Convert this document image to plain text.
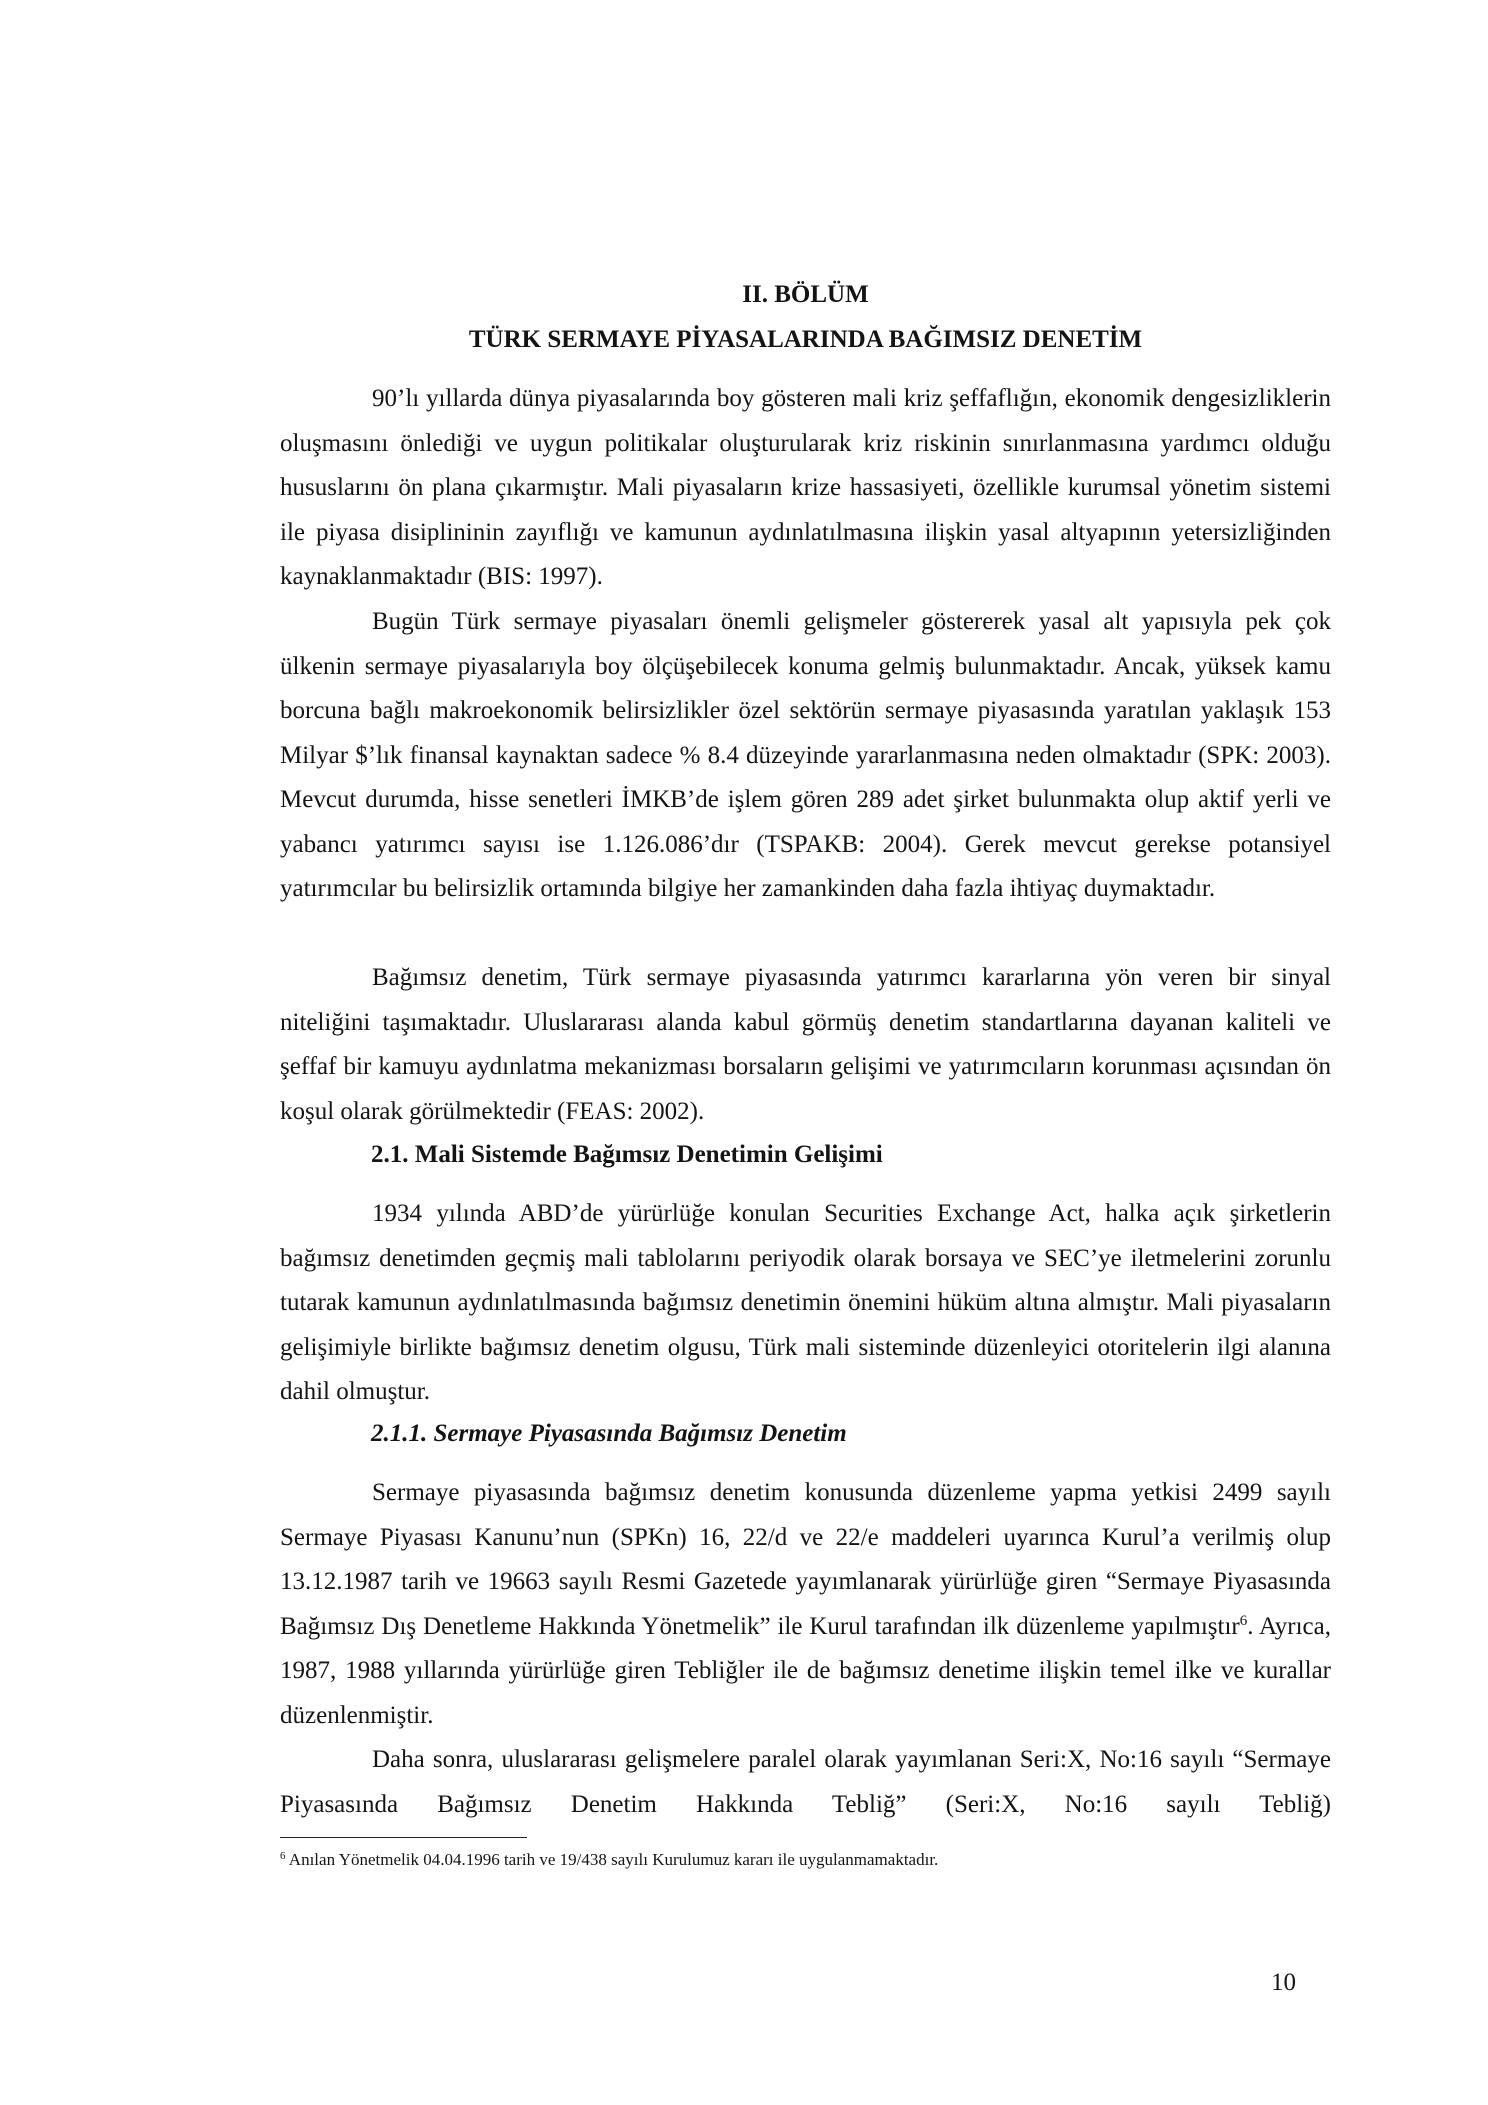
II. BÖLÜM
TÜRK SERMAYE PİYASALARINDA BAĞIMSIZ DENETİM

90’lı yıllarda dünya piyasalarında boy gösteren mali kriz şeffaflığın, ekonomik dengesizliklerin oluşmasını önlediği ve uygun politikalar oluşturularak kriz riskinin sınırlanmasına yardımcı olduğu hususlarını ön plana çıkarmıştır. Mali piyasaların krize hassasiyeti, özellikle kurumsal yönetim sistemi ile piyasa disiplininin zayıflığı ve kamunun aydınlatılmasına ilişkin yasal altyapının yetersizliğinden kaynaklanmaktadır (BIS: 1997).

Bugün Türk sermaye piyasaları önemli gelişmeler göstererek yasal alt yapısıyla pek çok ülkenin sermaye piyasalarıyla boy ölçüşebilecek konuma gelmiş bulunmaktadır. Ancak, yüksek kamu borcuna bağlı makroekonomik belirsizlikler özel sektörün sermaye piyasasında yaratılan yaklaşık 153 Milyar $’lık finansal kaynaktan sadece % 8.4 düzeyinde yararlanmasına neden olmaktadır (SPK: 2003). Mevcut durumda, hisse senetleri İMKB’de işlem gören 289 adet şirket bulunmakta olup aktif yerli ve yabancı yatırımcı sayısı ise 1.126.086’dır (TSPAKB: 2004). Gerek mevcut gerekse potansiyel yatırımcılar bu belirsizlik ortamında bilgiye her zamankinden daha fazla ihtiyaç duymaktadır.

Bağımsız denetim, Türk sermaye piyasasında yatırımcı kararlarına yön veren bir sinyal niteliğini taşımaktadır. Uluslararası alanda kabul görmüş denetim standartlarına dayanan kaliteli ve şeffaf bir kamuyu aydınlatma mekanizması borsaların gelişimi ve yatırımcıların korunması açısından ön koşul olarak görülmektedir (FEAS: 2002).

2.1. Mali Sistemde Bağımsız Denetimin Gelişimi

1934 yılında ABD’de yürürlüğe konulan Securities Exchange Act, halka açık şirketlerin bağımsız denetimden geçmiş mali tablolarını periyodik olarak borsaya ve SEC’ye iletmelerini zorunlu tutarak kamunun aydınlatılmasında bağımsız denetimin önemini hüküm altına almıştır. Mali piyasaların gelişimiyle birlikte bağımsız denetim olgusu, Türk mali sisteminde düzenleyici otoritelerin ilgi alanına dahil olmuştur.

2.1.1. Sermaye Piyasasında Bağımsız Denetim

Sermaye piyasasında bağımsız denetim konusunda düzenleme yapma yetkisi 2499 sayılı Sermaye Piyasası Kanunu’nun (SPKn) 16, 22/d ve 22/e maddeleri uyarınca Kurul’a verilmiş olup 13.12.1987 tarih ve 19663 sayılı Resmi Gazetede yayımlanarak yürürlüğe giren “Sermaye Piyasasında Bağımsız Dış Denetleme Hakkında Yönetmelik” ile Kurul tarafından ilk düzenleme yapılmıştır$^6$. Ayrıca, 1987, 1988 yıllarında yürürlüğe giren Tebliğler ile de bağımsız denetime ilişkin temel ilke ve kurallar düzenlenmiştir.

Daha sonra, uluslararası gelişmelere paralel olarak yayımlanan Seri:X, No:16 sayılı “Sermaye Piyasasında Bağımsız Denetim Hakkında Tebliğ” (Seri:X, No:16 sayılı Tebliğ)

$^6$ Anılan Yönetmelik 04.04.1996 tarih ve 19/438 sayılı Kurulumuz kararı ile uygulanmamaktadır.

10
